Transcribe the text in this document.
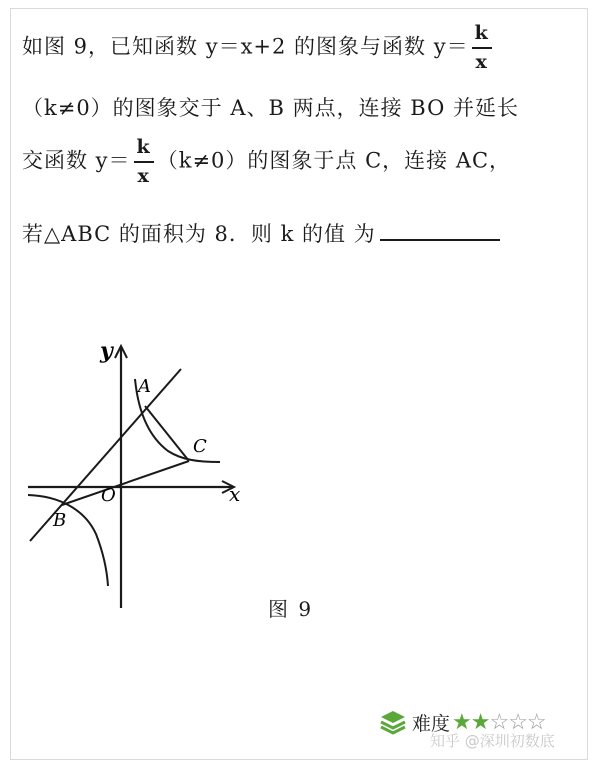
如图 9，已知函数 y＝x+2 的图象与函数 $y= \frac{k}{x}$
（k≠0）的图象交于 A、B 两点，连接 BO 并延长
交函数 $y= \frac{k}{x} (k\ne 0)$的图象于点 C，连接 AC，
若△ABC 的面积为 8．则 k 的值 为
y
x
O
A
B
C
图 9
难度 ★★☆☆☆
知乎 @深圳初数底
